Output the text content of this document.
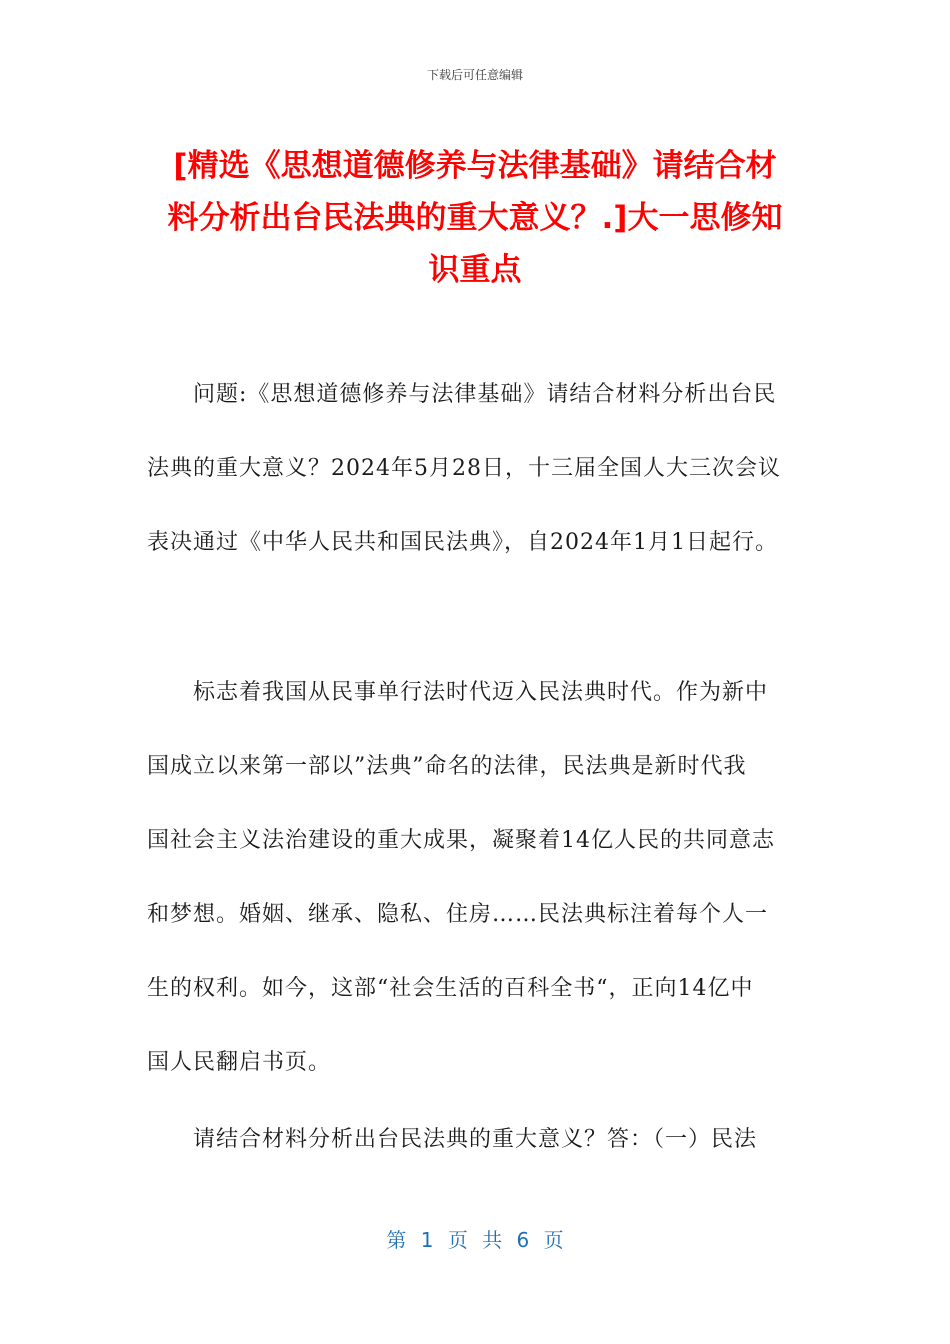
下载后可任意编辑
[精选《思想道德修养与法律基础》请结合材
料分析出台民法典的重大意义？.]大一思修知
识重点
问题:《思想道德修养与法律基础》请结合材料分析出台民
法典的重大意义？2024年5月28日，十三届全国人大三次会议
表决通过《中华人民共和国民法典》，自2024年1月1日起行。
标志着我国从民事单行法时代迈入民法典时代。作为新中
国成立以来第一部以”法典”命名的法律，民法典是新时代我
国社会主义法治建设的重大成果，凝聚着14亿人民的共同意志
和梦想。婚姻、继承、隐私、住房……民法典标注着每个人一
生的权利。如今，这部“社会生活的百科全书“，正向14亿中
国人民翻启书页。
请结合材料分析出台民法典的重大意义？答：（一）民法
第 1 页 共 6 页
